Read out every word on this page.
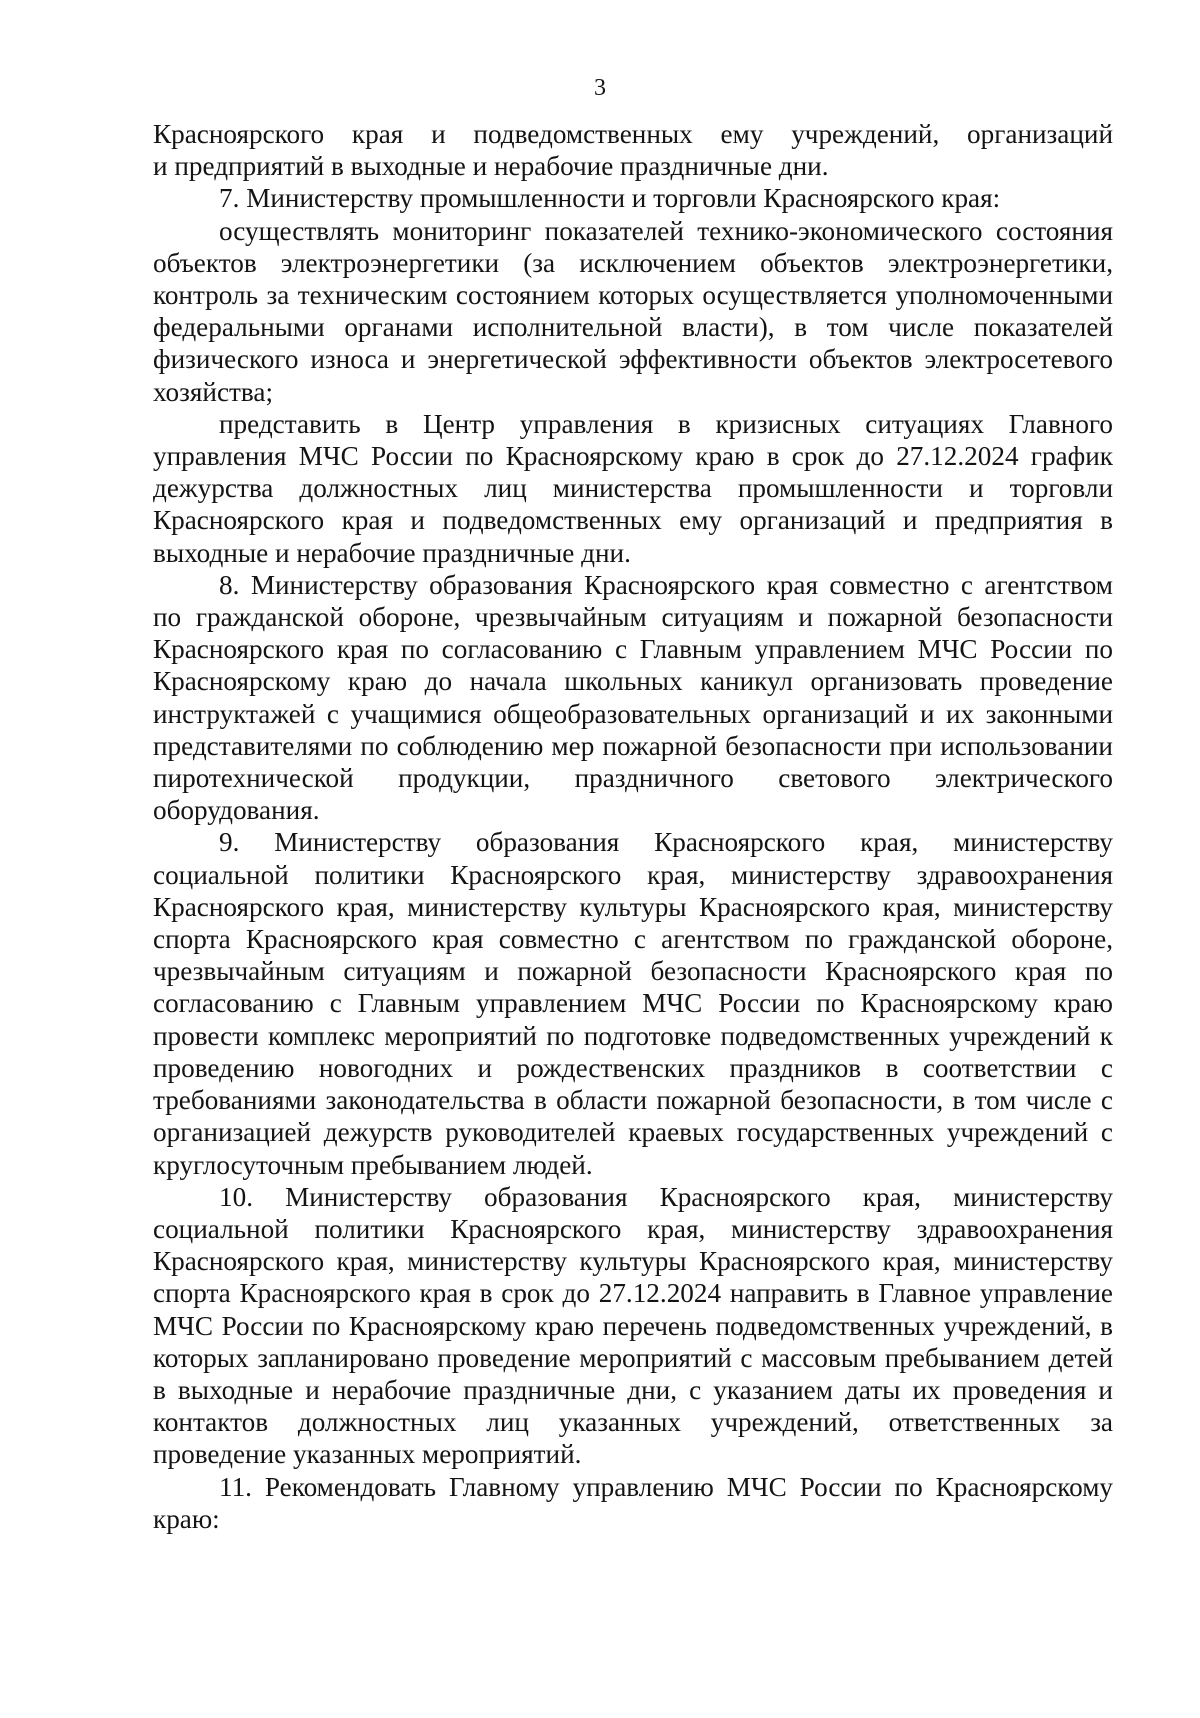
3

Красноярского края и подведомственных ему учреждений, организаций
и предприятий в выходные и нерабочие праздничные дни.

7. Министерству промышленности и торговли Красноярского края:

осуществлять мониторинг показателей технико-экономического состояния объектов электроэнергетики (за исключением объектов электроэнергетики, контроль за техническим состоянием которых осуществляется уполномоченными федеральными органами исполнительной власти), в том числе показателей физического износа и энергетической эффективности объектов электросетевого хозяйства;

представить в Центр управления в кризисных ситуациях Главного управления МЧС России по Красноярскому краю в срок до 27.12.2024 график дежурства должностных лиц министерства промышленности и торговли Красноярского края и подведомственных ему организаций и предприятия в выходные и нерабочие праздничные дни.

8. Министерству образования Красноярского края совместно с агентством по гражданской обороне, чрезвычайным ситуациям и пожарной безопасности Красноярского края по согласованию с Главным управлением МЧС России по Красноярскому краю до начала школьных каникул организовать проведение инструктажей с учащимися общеобразовательных организаций и их законными представителями по соблюдению мер пожарной безопасности при использовании пиротехнической продукции, праздничного светового электрического оборудования.

9. Министерству образования Красноярского края, министерству социальной политики Красноярского края, министерству здравоохранения Красноярского края, министерству культуры Красноярского края, министерству спорта Красноярского края совместно с агентством по гражданской обороне, чрезвычайным ситуациям и пожарной безопасности Красноярского края по согласованию с Главным управлением МЧС России по Красноярскому краю провести комплекс мероприятий по подготовке подведомственных учреждений к проведению новогодних и рождественских праздников в соответствии с требованиями законодательства в области пожарной безопасности, в том числе с организацией дежурств руководителей краевых государственных учреждений с круглосуточным пребыванием людей.

10. Министерству образования Красноярского края, министерству социальной политики Красноярского края, министерству здравоохранения Красноярского края, министерству культуры Красноярского края, министерству спорта Красноярского края в срок до 27.12.2024 направить в Главное управление МЧС России по Красноярскому краю перечень подведомственных учреждений, в которых запланировано проведение мероприятий с массовым пребыванием детей в выходные и нерабочие праздничные дни, с указанием даты их проведения и контактов должностных лиц указанных учреждений, ответственных за проведение указанных мероприятий.

11. Рекомендовать Главному управлению МЧС России по Красноярскому краю:
